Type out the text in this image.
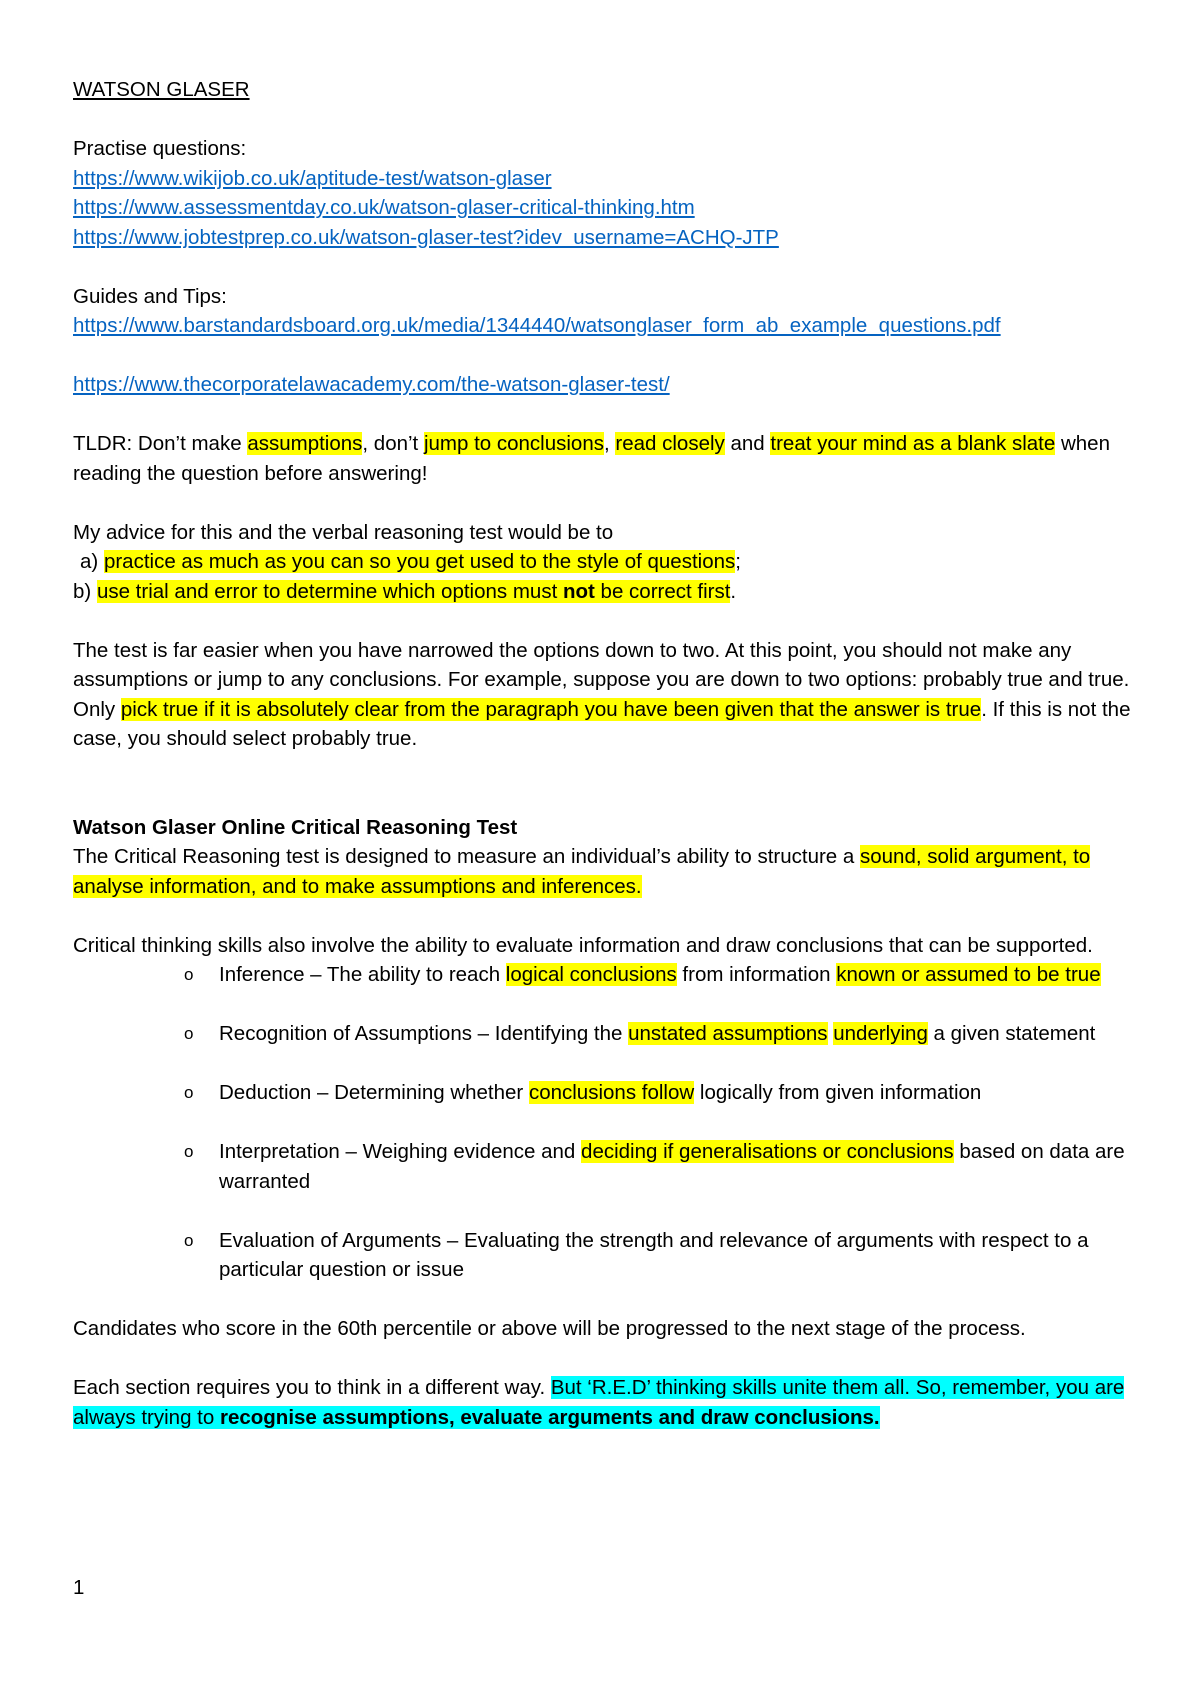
WATSON GLASER

Practise questions:

https://www.wikijob.co.uk/aptitude-test/watson-glaser
https://www.assessmentday.co.uk/watson-glaser-critical-thinking.htm
https://www.jobtestprep.co.uk/watson-glaser-test?idev_username=ACHQ-JTP

Guides and Tips:

https://www.barstandardsboard.org.uk/media/1344440/watsonglaser_form_ab_example_questions.pdf
https://www.thecorporatelawacademy.com/the-watson-glaser-test/

TLDR: Don’t make assumptions, don’t jump to conclusions, read closely and treat your mind as a blank slate when reading the question before answering!

My advice for this and the verbal reasoning test would be to

a) practice as much as you can so you get used to the style of questions;

b) use trial and error to determine which options must not be correct first.

The test is far easier when you have narrowed the options down to two. At this point, you should not make any assumptions or jump to any conclusions. For example, suppose you are down to two options: probably true and true. Only pick true if it is absolutely clear from the paragraph you have been given that the answer is true. If this is not the case, you should select probably true.

Watson Glaser Online Critical Reasoning Test

The Critical Reasoning test is designed to measure an individual’s ability to structure a sound, solid argument, to analyse information, and to make assumptions and inferences.

Critical thinking skills also involve the ability to evaluate information and draw conclusions that can be supported.

o Inference – The ability to reach logical conclusions from information known or assumed to be true
o Recognition of Assumptions – Identifying the unstated assumptions underlying a given statement
o Deduction – Determining whether conclusions follow logically from given information
o Interpretation – Weighing evidence and deciding if generalisations or conclusions based on data are warranted
o Evaluation of Arguments – Evaluating the strength and relevance of arguments with respect to a particular question or issue

Candidates who score in the 60th percentile or above will be progressed to the next stage of the process.

Each section requires you to think in a different way. But ‘R.E.D’ thinking skills unite them all. So, remember, you are always trying to recognise assumptions, evaluate arguments and draw conclusions.

1
